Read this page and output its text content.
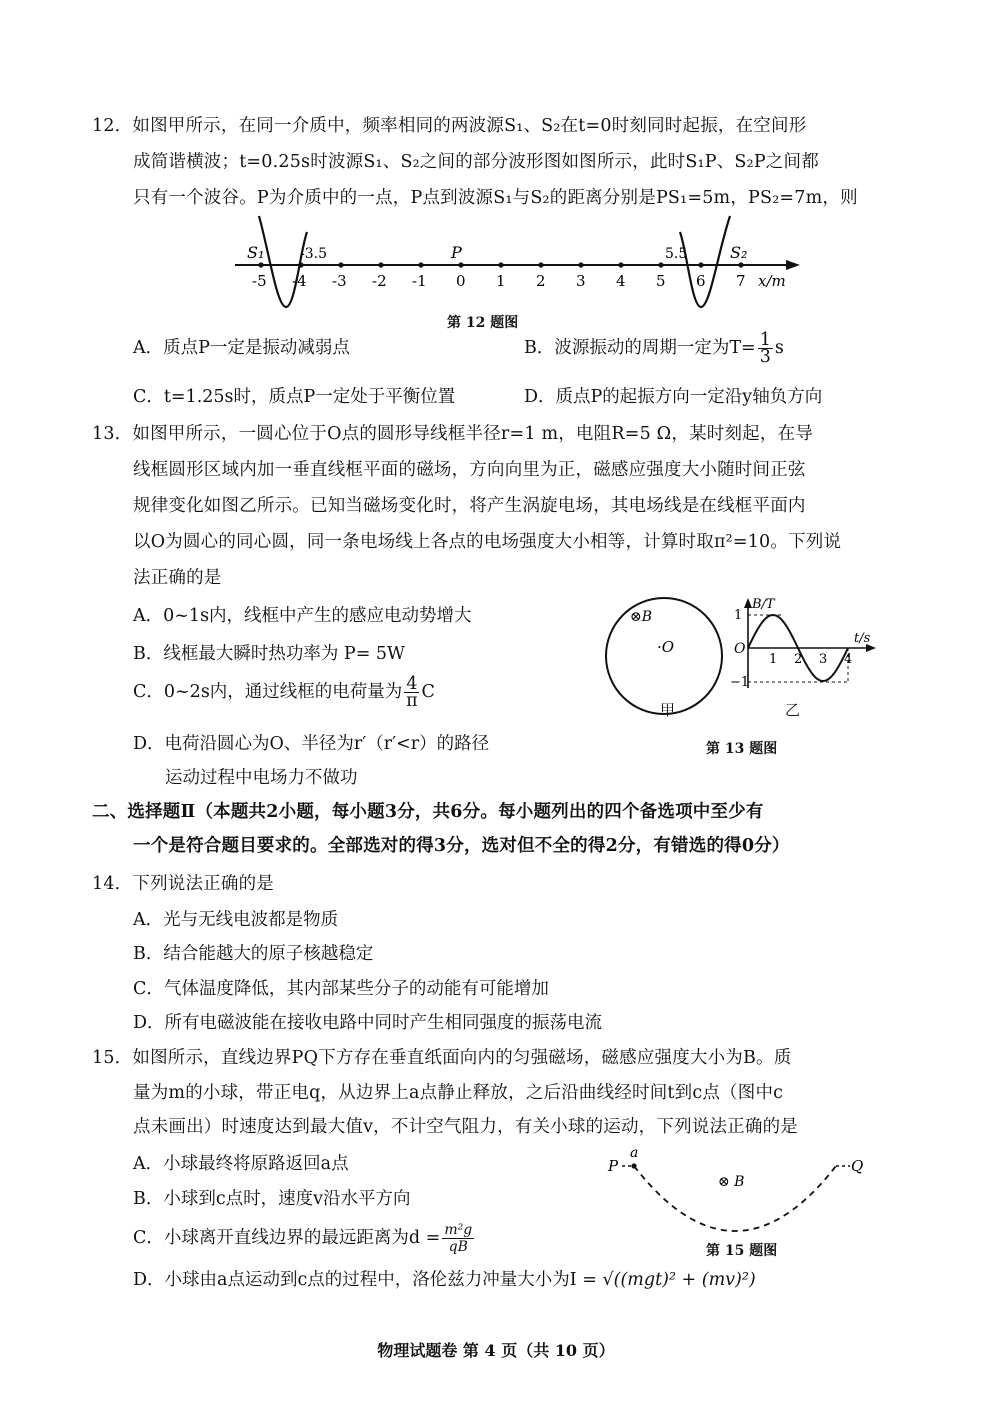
12．如图甲所示，在同一介质中，频率相同的两波源S₁、S₂在t=0时刻同时起振，在空间形
成简谐横波；t=0.25s时波源S₁、S₂之间的部分波形图如图所示，此时S₁P、S₂P之间都
只有一个波谷。P为介质中的一点，P点到波源S₁与S₂的距离分别是PS₁=5m，PS₂=7m，则
-5 -4 -3 -2 -1 0 1 2 3 4 5 6 7
S₁	-3.5	P	5.5	S₂
x/m
第 12 题图
A．质点P一定是振动减弱点	B．波源振动的周期一定为$T= \frac{1}{3}$ s
C．t=1.25s时，质点P一定处于平衡位置	D．质点P的起振方向一定沿y轴负方向
13．如图甲所示，一圆心位于O点的圆形导线框半径r=1 m，电阻R=5 Ω，某时刻起，在导
线框圆形区域内加一垂直线框平面的磁场，方向向里为正，磁感应强度大小随时间正弦
规律变化如图乙所示。已知当磁场变化时，将产生涡旋电场，其电场线是在线框平面内
以O为圆心的同心圆，同一条电场线上各点的电场强度大小相等，计算时取π²=10。下列说
法正确的是
A．0~1s内，线框中产生的感应电动势增大
B．线框最大瞬时热功率为 P= 5W
C．0~2s内，通过线框的电荷量为 $\frac{4}{\pi}$ C
D．电荷沿圆心为O、半径为r′（r′<r）的路径
运动过程中电场力不做功
⊗B
·O
甲
1
−1
O
B/T
t/s
1 2 3 4
乙
第 13 题图
二、选择题Ⅱ（本题共2小题，每小题3分，共6分。每小题列出的四个备选项中至少有
一个是符合题目要求的。全部选对的得3分，选对但不全的得2分，有错选的得0分）
14．下列说法正确的是
A．光与无线电波都是物质
B．结合能越大的原子核越稳定
C．气体温度降低，其内部某些分子的动能有可能增加
D．所有电磁波能在接收电路中同时产生相同强度的振荡电流
15．如图所示，直线边界PQ下方存在垂直纸面向内的匀强磁场，磁感应强度大小为B。质
量为m的小球，带正电q，从边界上a点静止释放，之后沿曲线经时间t到c点（图中c
点未画出）时速度达到最大值v，不计空气阻力，有关小球的运动，下列说法正确的是
A．小球最终将原路返回a点
B．小球到c点时，速度v沿水平方向
C．小球离开直线边界的最远距离为$d = \frac{\text{m²g}}{qB}$
D．小球由a点运动到c点的过程中，洛伦兹力冲量大小为I = √((mgt)² + (mv)²)
P	Q
a
⊗ B
第 15 题图
物理试题卷 第 4 页（共 10 页）
